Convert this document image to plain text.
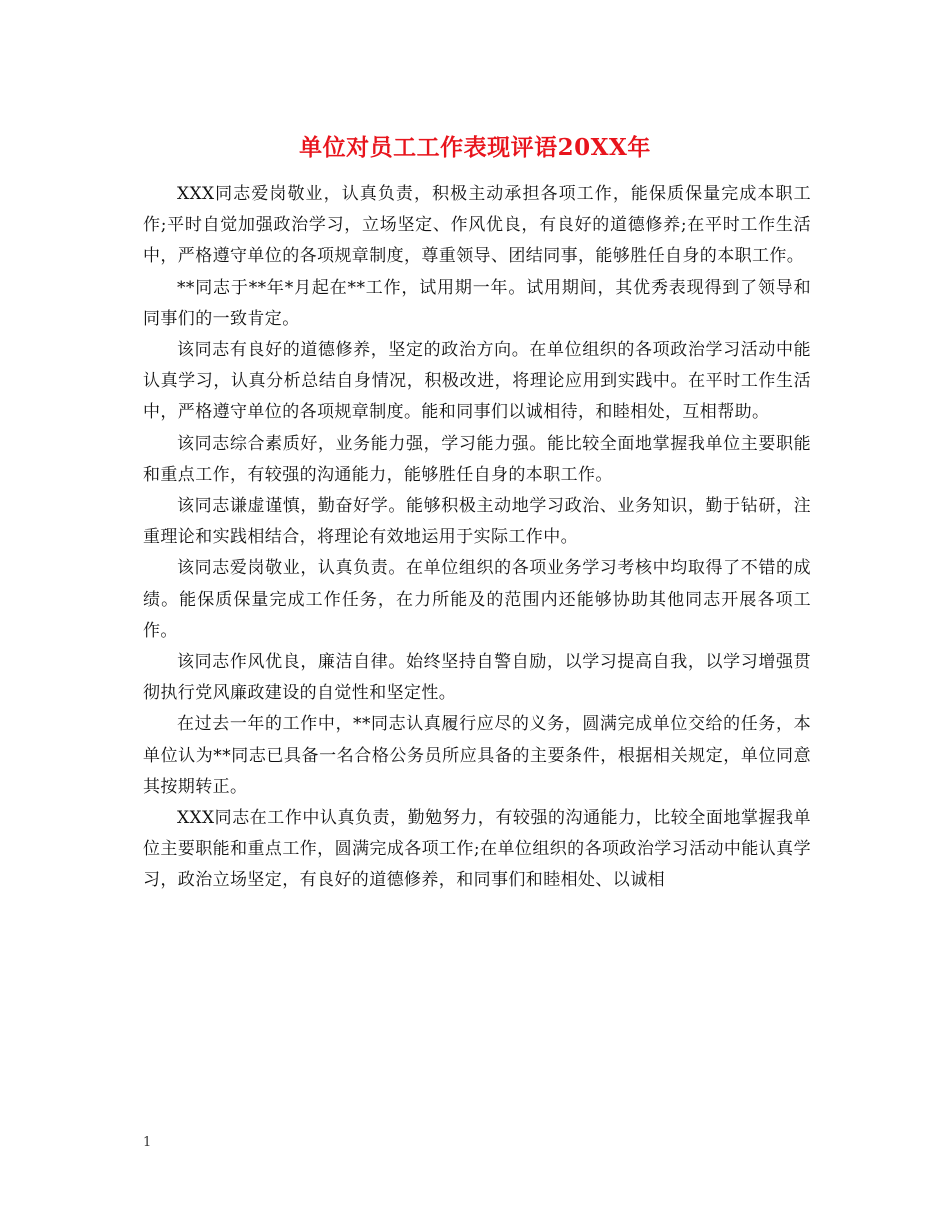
单位对员工工作表现评语20XX年

XXX同志爱岗敬业，认真负责，积极主动承担各项工作，能保质保量完成本职工作;平时自觉加强政治学习，立场坚定、作风优良，有良好的道德修养;在平时工作生活中，严格遵守单位的各项规章制度，尊重领导、团结同事，能够胜任自身的本职工作。

**同志于**年*月起在**工作，试用期一年。试用期间，其优秀表现得到了领导和同事们的一致肯定。

该同志有良好的道德修养，坚定的政治方向。在单位组织的各项政治学习活动中能认真学习，认真分析总结自身情况，积极改进，将理论应用到实践中。在平时工作生活中，严格遵守单位的各项规章制度。能和同事们以诚相待，和睦相处，互相帮助。

该同志综合素质好，业务能力强，学习能力强。能比较全面地掌握我单位主要职能和重点工作，有较强的沟通能力，能够胜任自身的本职工作。

该同志谦虚谨慎，勤奋好学。能够积极主动地学习政治、业务知识，勤于钻研，注重理论和实践相结合，将理论有效地运用于实际工作中。

该同志爱岗敬业，认真负责。在单位组织的各项业务学习考核中均取得了不错的成绩。能保质保量完成工作任务，在力所能及的范围内还能够协助其他同志开展各项工作。

该同志作风优良，廉洁自律。始终坚持自警自励，以学习提高自我，以学习增强贯彻执行党风廉政建设的自觉性和坚定性。

在过去一年的工作中，**同志认真履行应尽的义务，圆满完成单位交给的任务，本单位认为**同志已具备一名合格公务员所应具备的主要条件，根据相关规定，单位同意其按期转正。

XXX同志在工作中认真负责，勤勉努力，有较强的沟通能力，比较全面地掌握我单位主要职能和重点工作，圆满完成各项工作;在单位组织的各项政治学习活动中能认真学习，政治立场坚定，有良好的道德修养，和同事们和睦相处、以诚相

1
